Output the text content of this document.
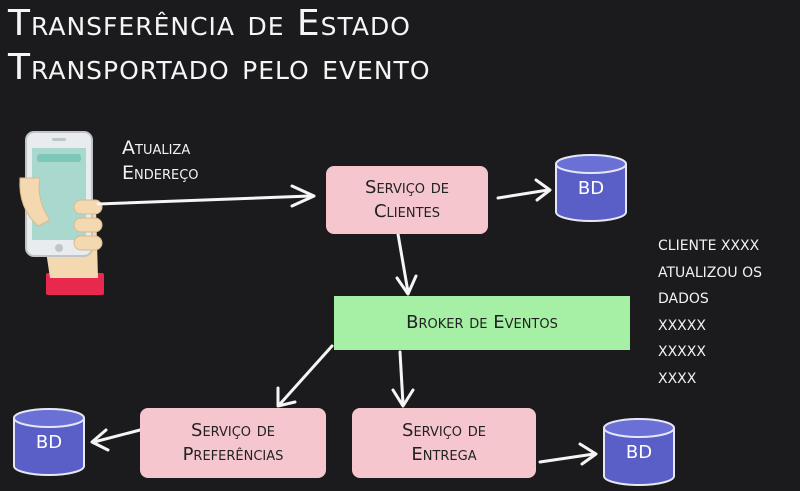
Transferência de Estado
Transportado pelo evento
Atualiza
Endereço
Serviço de
Clientes
Broker de Eventos
Serviço de
Preferências
Serviço de
Entrega
BD
BD	BD
CLIENTE XXXX
ATUALIZOU OS
DADOS
XXXXX
XXXXX
XXXX
